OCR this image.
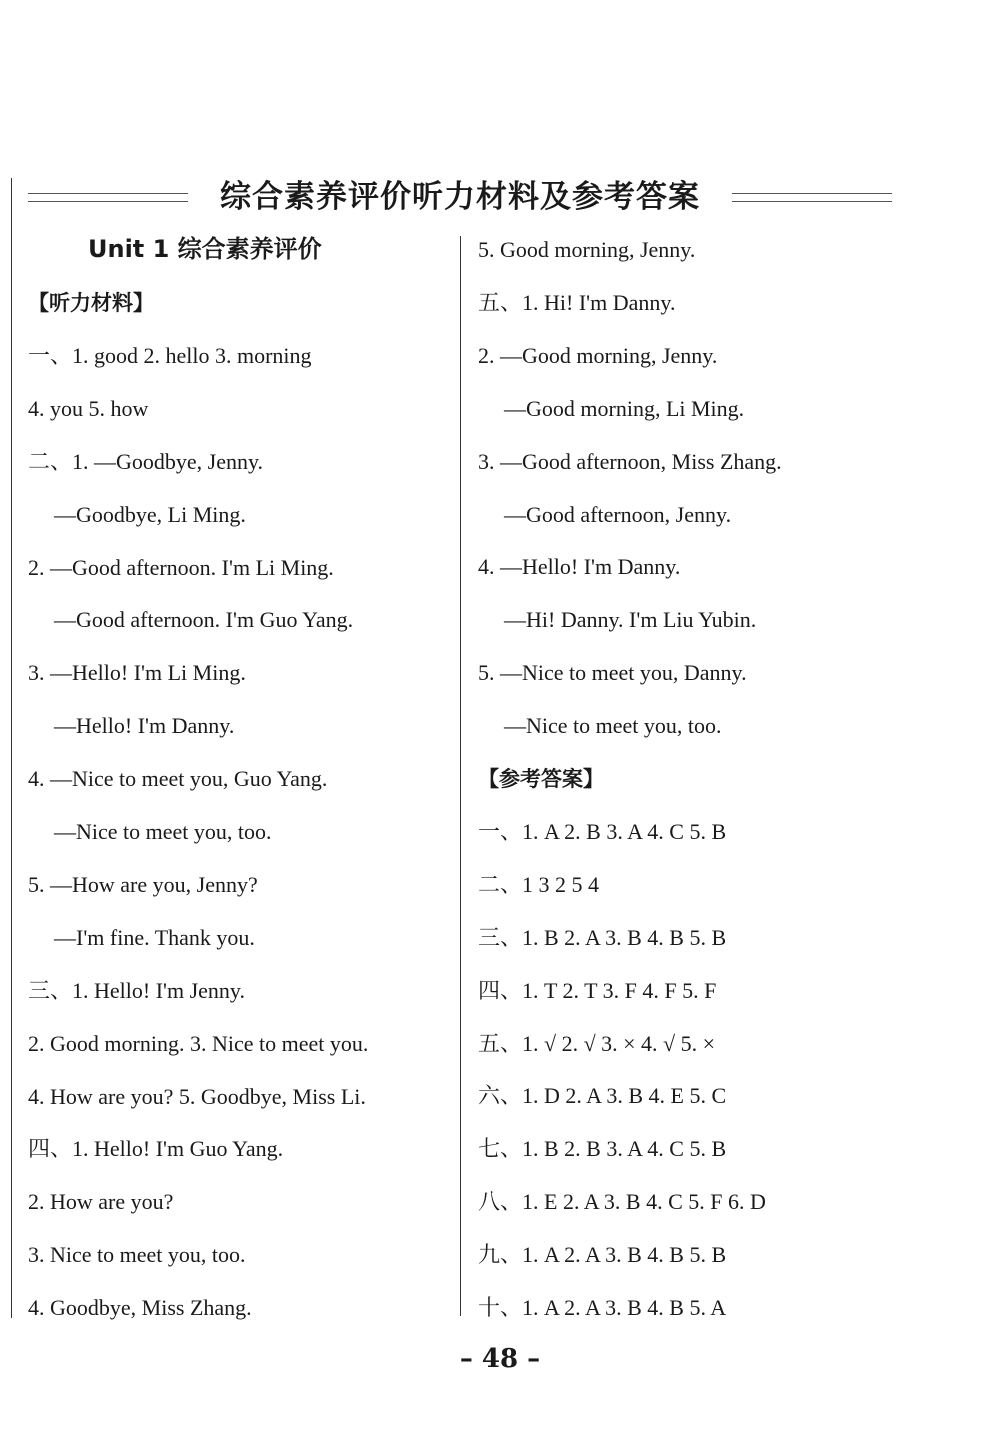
综合素养评价听力材料及参考答案
Unit 1 综合素养评价
【听力材料】
一、1. good 2. hello 3. morning
4. you 5. how
二、1. —Goodbye, Jenny.
—Goodbye, Li Ming.
2. —Good afternoon. I'm Li Ming.
—Good afternoon. I'm Guo Yang.
3. —Hello! I'm Li Ming.
—Hello! I'm Danny.
4. —Nice to meet you, Guo Yang.
—Nice to meet you, too.
5. —How are you, Jenny?
—I'm fine. Thank you.
三、1. Hello! I'm Jenny.
2. Good morning. 3. Nice to meet you.
4. How are you? 5. Goodbye, Miss Li.
四、1. Hello! I'm Guo Yang.
2. How are you?
3. Nice to meet you, too.
4. Goodbye, Miss Zhang.
5. Good morning, Jenny.
五、1. Hi! I'm Danny.
2. —Good morning, Jenny.
—Good morning, Li Ming.
3. —Good afternoon, Miss Zhang.
—Good afternoon, Jenny.
4. —Hello! I'm Danny.
—Hi! Danny. I'm Liu Yubin.
5. —Nice to meet you, Danny.
—Nice to meet you, too.
【参考答案】
一、1. A 2. B 3. A 4. C 5. B
二、1 3 2 5 4
三、1. B 2. A 3. B 4. B 5. B
四、1. T 2. T 3. F 4. F 5. F
五、1. √ 2. √ 3. × 4. √ 5. ×
六、1. D 2. A 3. B 4. E 5. C
七、1. B 2. B 3. A 4. C 5. B
八、1. E 2. A 3. B 4. C 5. F 6. D
九、1. A 2. A 3. B 4. B 5. B
十、1. A 2. A 3. B 4. B 5. A
– 48 –
